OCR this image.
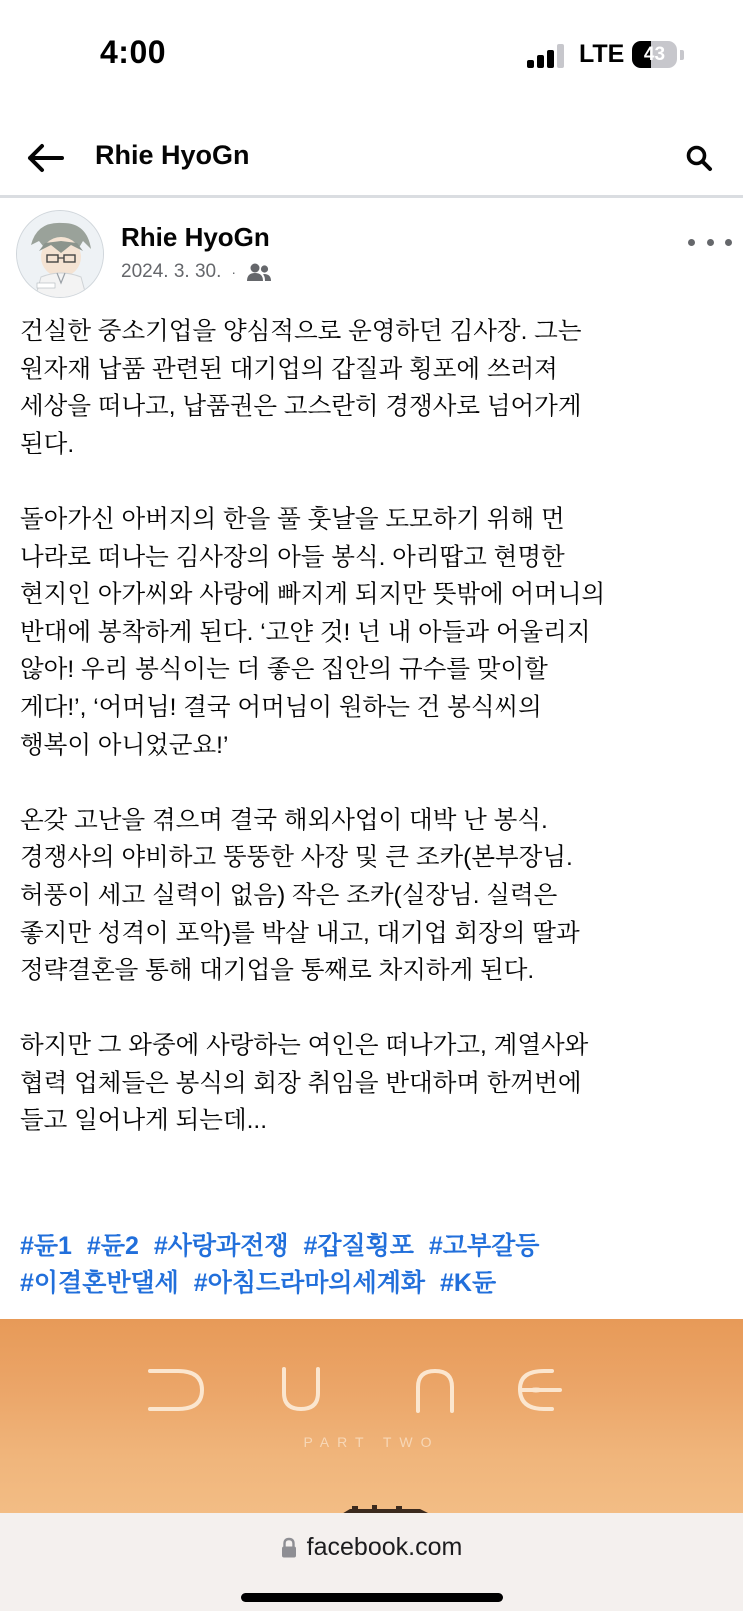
4:00	LTE	43
Rhie HyoGn
Rhie HyoGn
2024. 3. 30. ·
건실한 중소기업을 양심적으로 운영하던 김사장. 그는
원자재 납품 관련된 대기업의 갑질과 횡포에 쓰러져
세상을 떠나고, 납품권은 고스란히 경쟁사로 넘어가게
된다.
돌아가신 아버지의 한을 풀 훗날을 도모하기 위해 먼
나라로 떠나는 김사장의 아들 봉식. 아리땁고 현명한
현지인 아가씨와 사랑에 빠지게 되지만 뜻밖에 어머니의
반대에 봉착하게 된다. ‘고얀 것! 넌 내 아들과 어울리지
않아! 우리 봉식이는 더 좋은 집안의 규수를 맞이할
게다!’, ‘어머님! 결국 어머님이 원하는 건 봉식씨의
행복이 아니었군요!’
온갖 고난을 겪으며 결국 해외사업이 대박 난 봉식.
경쟁사의 야비하고 뚱뚱한 사장 및 큰 조카(본부장님.
허풍이 세고 실력이 없음) 작은 조카(실장님. 실력은
좋지만 성격이 포악)를 박살 내고, 대기업 회장의 딸과
정략결혼을 통해 대기업을 통째로 차지하게 된다.
하지만 그 와중에 사랑하는 여인은 떠나가고, 계열사와
협력 업체들은 봉식의 회장 취임을 반대하며 한꺼번에
들고 일어나게 되는데...
#듄1 #듄2 #사랑과전쟁 #갑질횡포 #고부갈등
#이결혼반댈세 #아침드라마의세계화 #K듄
PART TWO
facebook.com
